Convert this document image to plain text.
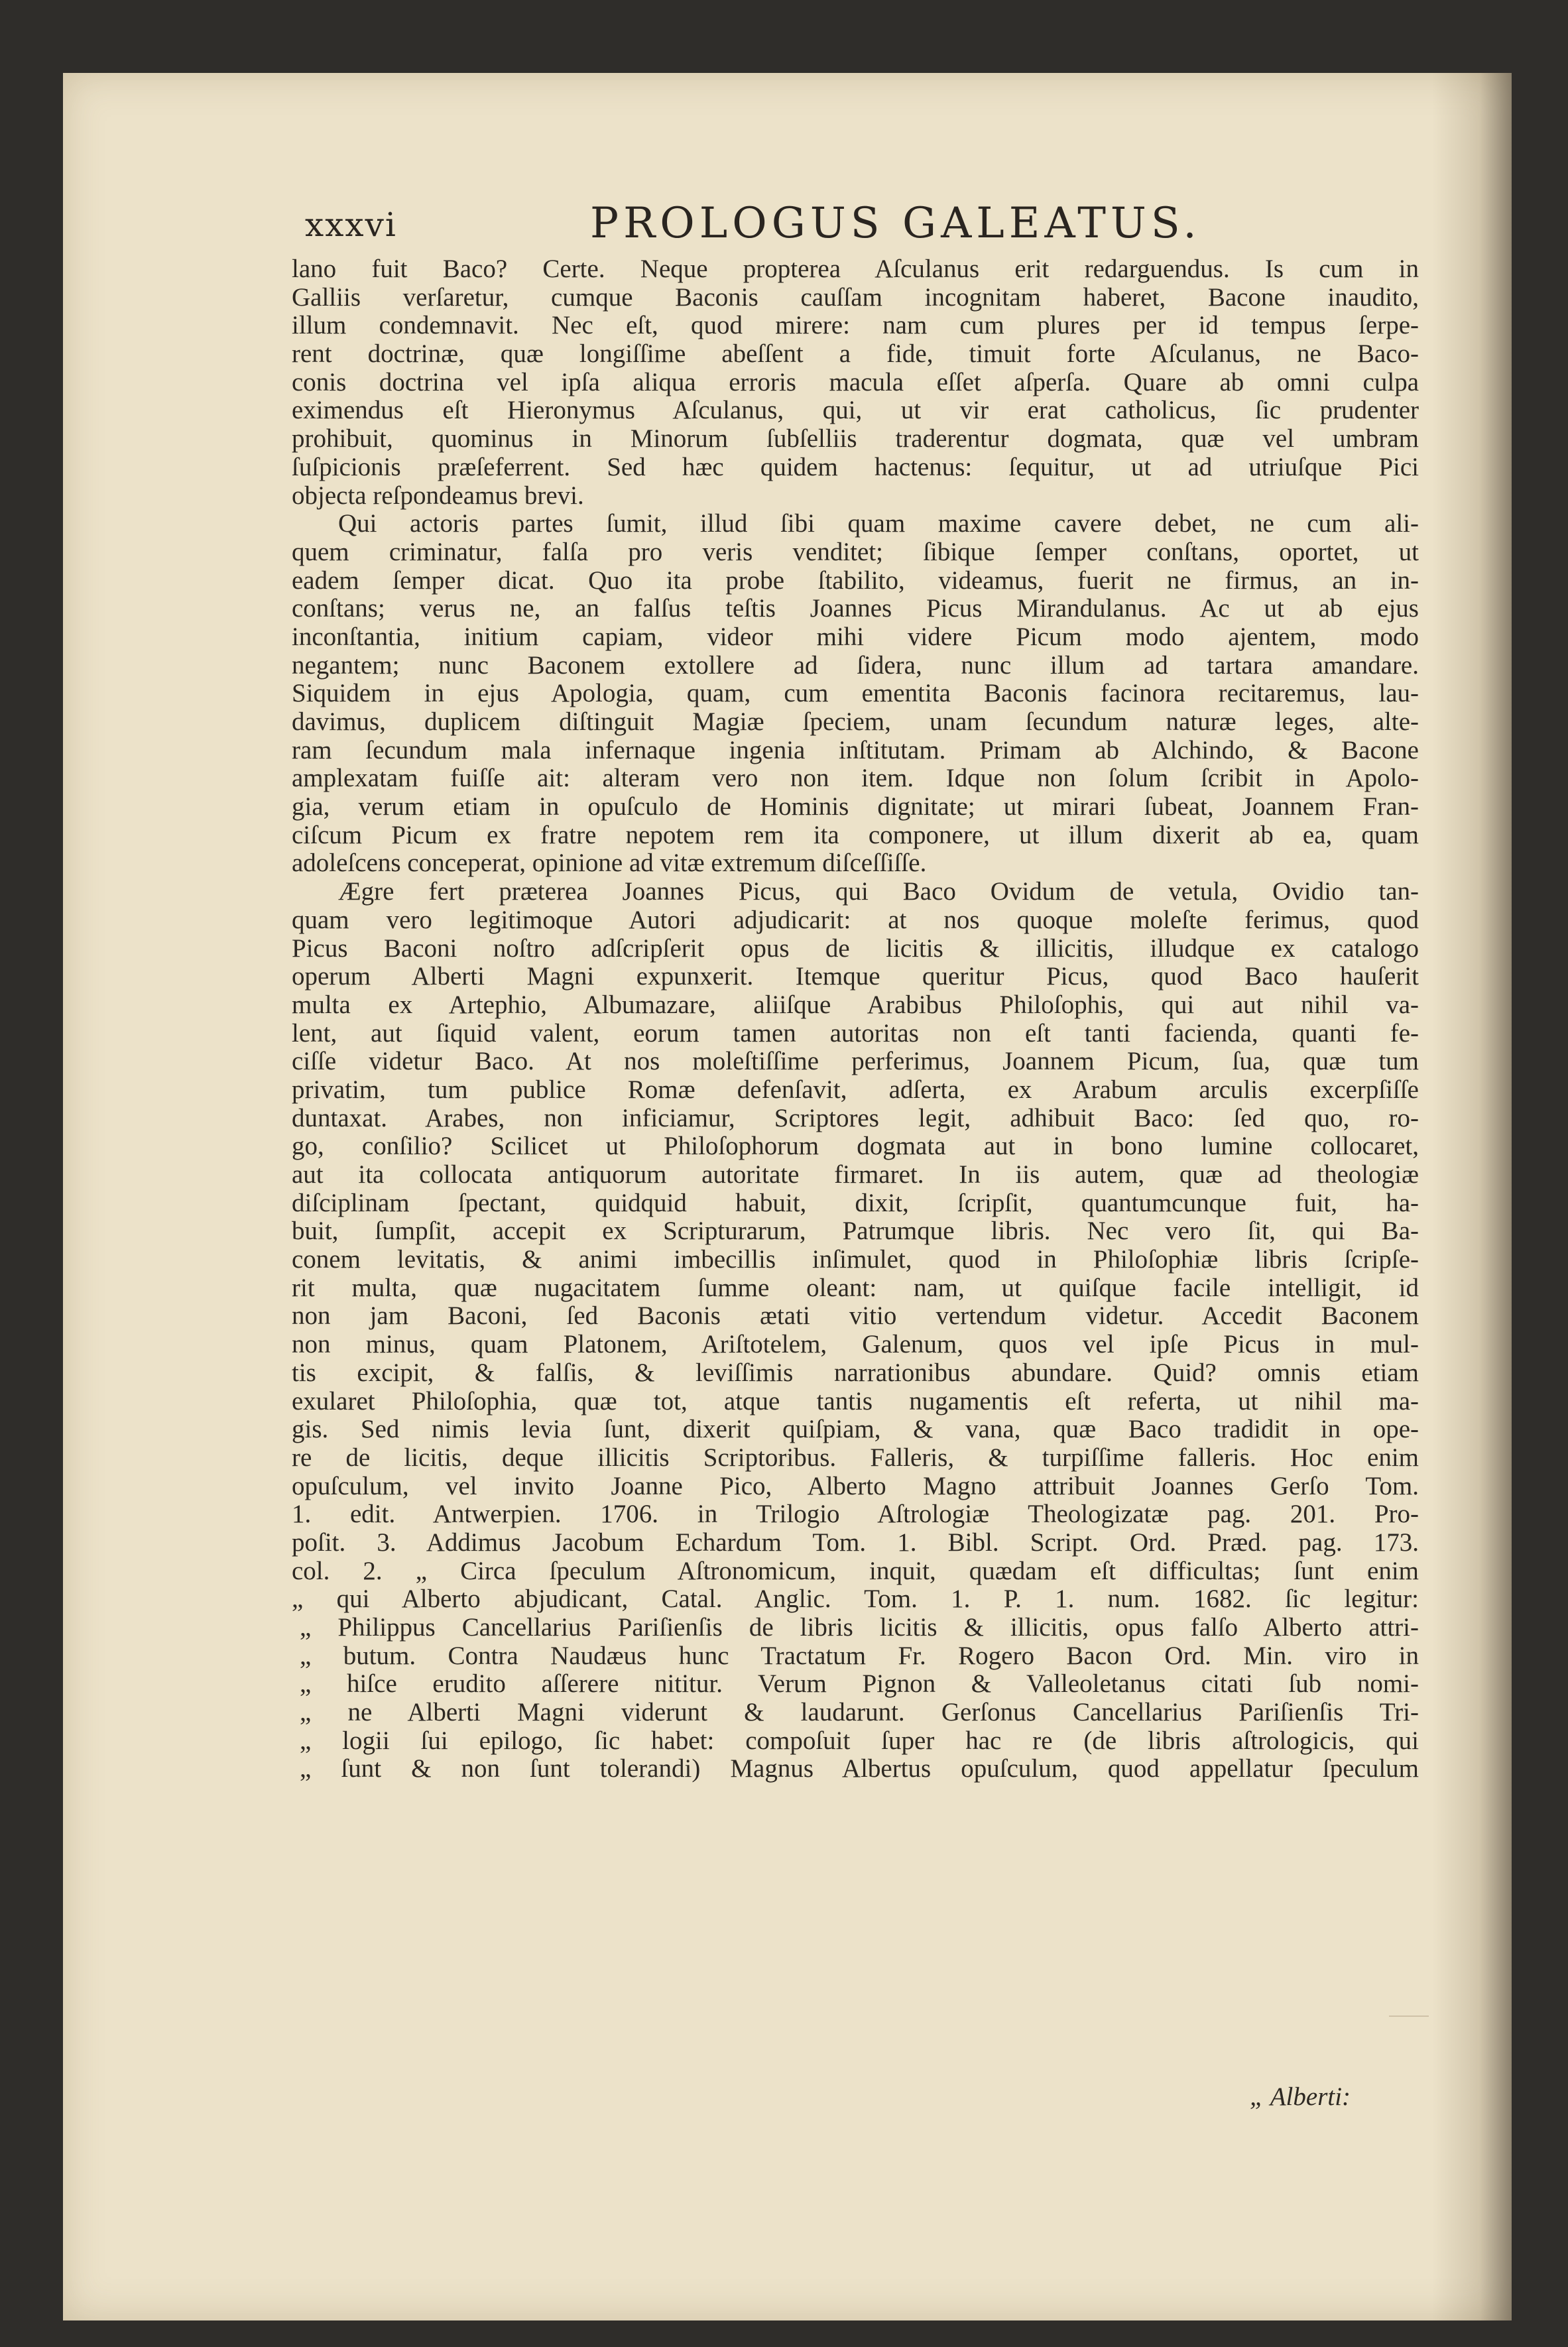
xxxvi	PROLOGUS GALEATUS.
lano fuit Baco? Certe. Neque propterea Aſculanus erit redarguendus. Is cum in
Galliis verſaretur, cumque Baconis cauſſam incognitam haberet, Bacone inaudito,
illum condemnavit. Nec eſt, quod mirere: nam cum plures per id tempus ſerpe-
rent doctrinæ, quæ longiſſime abeſſent a fide, timuit forte Aſculanus, ne Baco-
conis doctrina vel ipſa aliqua erroris macula eſſet aſperſa. Quare ab omni culpa
eximendus eſt Hieronymus Aſculanus, qui, ut vir erat catholicus, ſic prudenter
prohibuit, quominus in Minorum ſubſelliis traderentur dogmata, quæ vel umbram
ſuſpicionis præſeferrent. Sed hæc quidem hactenus: ſequitur, ut ad utriuſque Pici
objecta reſpondeamus brevi.
Qui actoris partes ſumit, illud ſibi quam maxime cavere debet, ne cum ali-
quem criminatur, falſa pro veris venditet; ſibique ſemper conſtans, oportet, ut
eadem ſemper dicat. Quo ita probe ſtabilito, videamus, fuerit ne firmus, an in-
conſtans; verus ne, an falſus teſtis Joannes Picus Mirandulanus. Ac ut ab ejus
inconſtantia, initium capiam, videor mihi videre Picum modo ajentem, modo
negantem; nunc Baconem extollere ad ſidera, nunc illum ad tartara amandare.
Siquidem in ejus Apologia, quam, cum ementita Baconis facinora recitaremus, lau-
davimus, duplicem diſtinguit Magiæ ſpeciem, unam ſecundum naturæ leges, alte-
ram ſecundum mala infernaque ingenia inſtitutam. Primam ab Alchindo, & Bacone
amplexatam fuiſſe ait: alteram vero non item. Idque non ſolum ſcribit in Apolo-
gia, verum etiam in opuſculo de Hominis dignitate; ut mirari ſubeat, Joannem Fran-
ciſcum Picum ex fratre nepotem rem ita componere, ut illum dixerit ab ea, quam
adoleſcens conceperat, opinione ad vitæ extremum diſceſſiſſe.
Ægre fert præterea Joannes Picus, qui Baco Ovidum de vetula, Ovidio tan-
quam vero legitimoque Autori adjudicarit: at nos quoque moleſte ferimus, quod
Picus Baconi noſtro adſcripſerit opus de licitis & illicitis, illudque ex catalogo
operum Alberti Magni expunxerit. Itemque queritur Picus, quod Baco hauſerit
multa ex Artephio, Albumazare, aliiſque Arabibus Philoſophis, qui aut nihil va-
lent, aut ſiquid valent, eorum tamen autoritas non eſt tanti facienda, quanti fe-
ciſſe videtur Baco. At nos moleſtiſſime perferimus, Joannem Picum, ſua, quæ tum
privatim, tum publice Romæ defenſavit, adſerta, ex Arabum arculis excerpſiſſe
duntaxat. Arabes, non inficiamur, Scriptores legit, adhibuit Baco: ſed quo, ro-
go, conſilio? Scilicet ut Philoſophorum dogmata aut in bono lumine collocaret,
aut ita collocata antiquorum autoritate firmaret. In iis autem, quæ ad theologiæ
diſciplinam ſpectant, quidquid habuit, dixit, ſcripſit, quantumcunque fuit, ha-
buit, ſumpſit, accepit ex Scripturarum, Patrumque libris. Nec vero ſit, qui Ba-
conem levitatis, & animi imbecillis inſimulet, quod in Philoſophiæ libris ſcripſe-
rit multa, quæ nugacitatem ſumme oleant: nam, ut quiſque facile intelligit, id
non jam Baconi, ſed Baconis ætati vitio vertendum videtur. Accedit Baconem
non minus, quam Platonem, Ariſtotelem, Galenum, quos vel ipſe Picus in mul-
tis excipit, & falſis, & leviſſimis narrationibus abundare. Quid? omnis etiam
exularet Philoſophia, quæ tot, atque tantis nugamentis eſt referta, ut nihil ma-
gis. Sed nimis levia ſunt, dixerit quiſpiam, & vana, quæ Baco tradidit in ope-
re de licitis, deque illicitis Scriptoribus. Falleris, & turpiſſime falleris. Hoc enim
opuſculum, vel invito Joanne Pico, Alberto Magno attribuit Joannes Gerſo Tom.
1. edit. Antwerpien. 1706. in Trilogio Aſtrologiæ Theologizatæ pag. 201. Pro-
poſit. 3. Addimus Jacobum Echardum Tom. 1. Bibl. Script. Ord. Præd. pag. 173.
col. 2. „ Circa ſpeculum Aſtronomicum, inquit, quædam eſt difficultas; ſunt enim
„ qui Alberto abjudicant, Catal. Anglic. Tom. 1. P. 1. num. 1682. ſic legitur:
„ Philippus Cancellarius Pariſienſis de libris licitis & illicitis, opus falſo Alberto attri-
„ butum. Contra Naudæus hunc Tractatum Fr. Rogero Bacon Ord. Min. viro in
„ hiſce erudito aſſerere nititur. Verum Pignon & Valleoletanus citati ſub nomi-
„ ne Alberti Magni viderunt & laudarunt. Gerſonus Cancellarius Pariſienſis Tri-
„ logii ſui epilogo, ſic habet: compoſuit ſuper hac re (de libris aſtrologicis, qui
„ ſunt & non ſunt tolerandi) Magnus Albertus opuſculum, quod appellatur ſpeculum
„ Alberti:
